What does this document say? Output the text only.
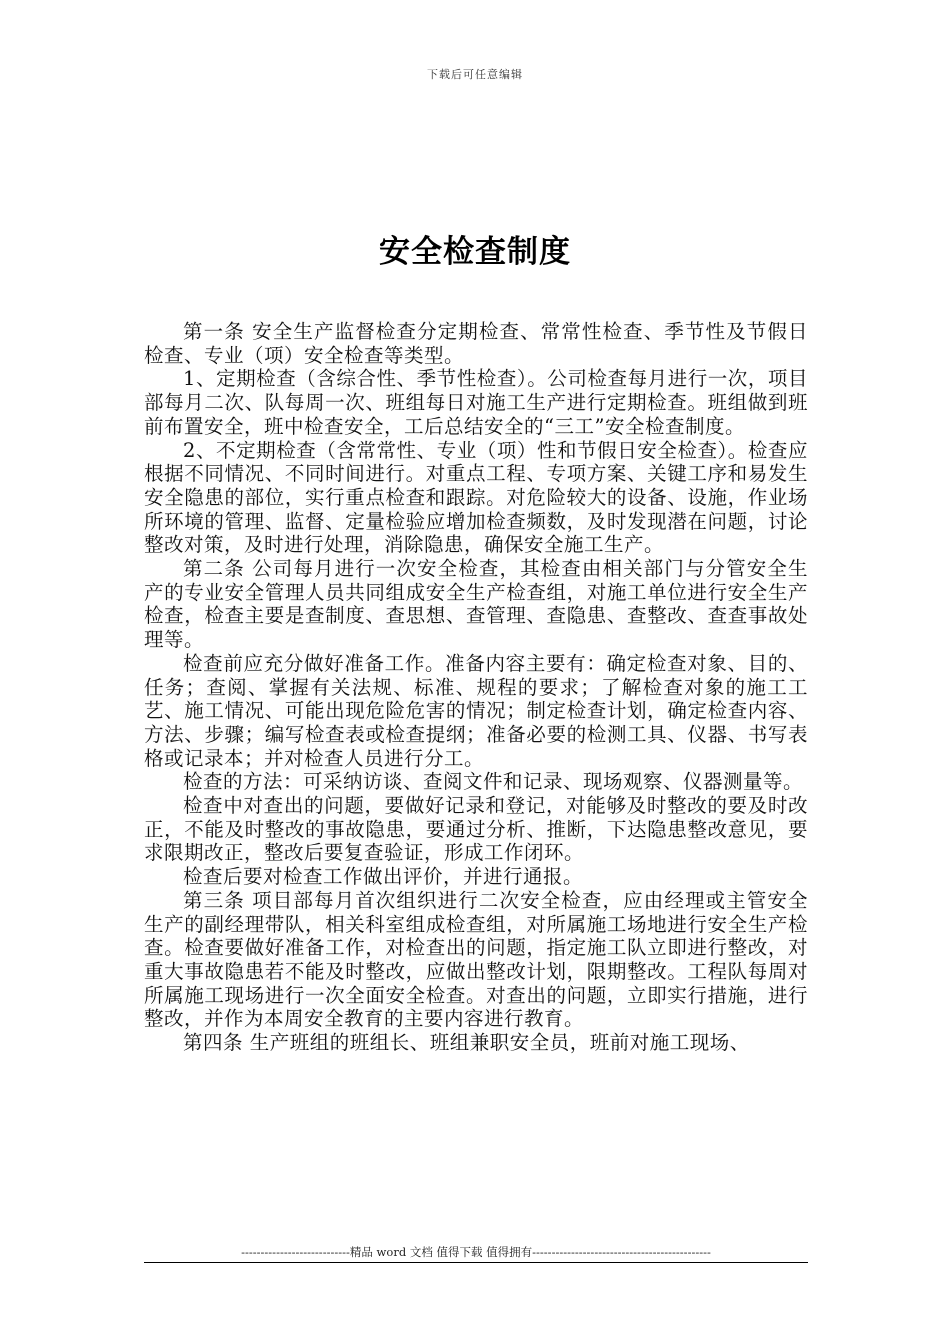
下载后可任意编辑
安全检查制度

第一条 安全生产监督检查分定期检查、常常性检查、季节性及节假日检查、专业（项）安全检查等类型。

1、定期检查（含综合性、季节性检查）。公司检查每月进行一次，项目部每月二次、队每周一次、班组每日对施工生产进行定期检查。班组做到班前布置安全，班中检查安全，工后总结安全的“三工”安全检查制度。

2、不定期检查（含常常性、专业（项）性和节假日安全检查）。检查应根据不同情况、不同时间进行。对重点工程、专项方案、关键工序和易发生安全隐患的部位，实行重点检查和跟踪。对危险较大的设备、设施，作业场所环境的管理、监督、定量检验应增加检查频数，及时发现潜在问题，讨论整改对策，及时进行处理，消除隐患，确保安全施工生产。

第二条 公司每月进行一次安全检查，其检查由相关部门与分管安全生产的专业安全管理人员共同组成安全生产检查组，对施工单位进行安全生产检查，检查主要是查制度、查思想、查管理、查隐患、查整改、查查事故处理等。

检查前应充分做好准备工作。准备内容主要有：确定检查对象、目的、任务；查阅、掌握有关法规、标准、规程的要求；了解检查对象的施工工艺、施工情况、可能出现危险危害的情况；制定检查计划，确定检查内容、方法、步骤；编写检查表或检查提纲；准备必要的检测工具、仪器、书写表格或记录本；并对检查人员进行分工。

检查的方法：可采纳访谈、查阅文件和记录、现场观察、仪器测量等。

检查中对查出的问题，要做好记录和登记，对能够及时整改的要及时改正，不能及时整改的事故隐患，要通过分析、推断，下达隐患整改意见，要求限期改正，整改后要复查验证，形成工作闭环。

检查后要对检查工作做出评价，并进行通报。

第三条 项目部每月首次组织进行二次安全检查，应由经理或主管安全生产的副经理带队，相关科室组成检查组，对所属施工场地进行安全生产检查。检查要做好准备工作，对检查出的问题，指定施工队立即进行整改，对重大事故隐患若不能及时整改，应做出整改计划，限期整改。工程队每周对所属施工现场进行一次全面安全检查。对查出的问题，立即实行措施，进行整改，并作为本周安全教育的主要内容进行教育。

第四条 生产班组的班组长、班组兼职安全员，班前对施工现场、

----------------------------精品 word 文档 值得下载 值得拥有----------------------------------------------
